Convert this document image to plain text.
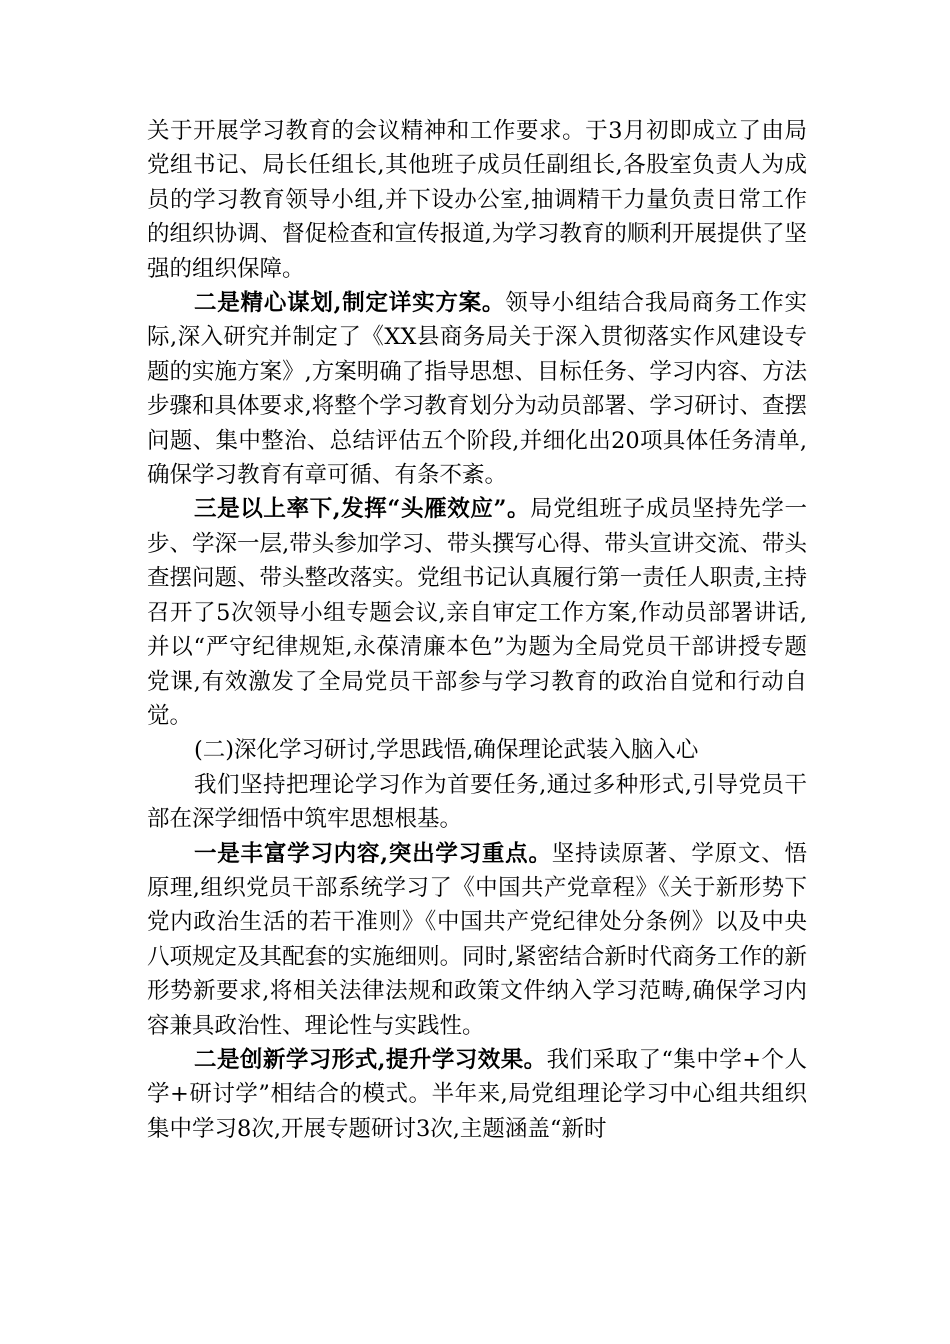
关于开展学习教育的会议精神和工作要求。于3月初即成立了由局党组书记、局长任组长,其他班子成员任副组长,各股室负责人为成员的学习教育领导小组,并下设办公室,抽调精干力量负责日常工作的组织协调、督促检查和宣传报道,为学习教育的顺利开展提供了坚强的组织保障。

二是精心谋划,制定详实方案。领导小组结合我局商务工作实际,深入研究并制定了《XX县商务局关于深入贯彻落实作风建设专题的实施方案》,方案明确了指导思想、目标任务、学习内容、方法步骤和具体要求,将整个学习教育划分为动员部署、学习研讨、查摆问题、集中整治、总结评估五个阶段,并细化出20项具体任务清单,确保学习教育有章可循、有条不紊。

三是以上率下,发挥“头雁效应”。局党组班子成员坚持先学一步、学深一层,带头参加学习、带头撰写心得、带头宣讲交流、带头查摆问题、带头整改落实。党组书记认真履行第一责任人职责,主持召开了5次领导小组专题会议,亲自审定工作方案,作动员部署讲话,并以“严守纪律规矩,永葆清廉本色”为题为全局党员干部讲授专题党课,有效激发了全局党员干部参与学习教育的政治自觉和行动自觉。

(二)深化学习研讨,学思践悟,确保理论武装入脑入心

我们坚持把理论学习作为首要任务,通过多种形式,引导党员干部在深学细悟中筑牢思想根基。

一是丰富学习内容,突出学习重点。坚持读原著、学原文、悟原理,组织党员干部系统学习了《中国共产党章程》《关于新形势下党内政治生活的若干准则》《中国共产党纪律处分条例》以及中央八项规定及其配套的实施细则。同时,紧密结合新时代商务工作的新形势新要求,将相关法律法规和政策文件纳入学习范畴,确保学习内容兼具政治性、理论性与实践性。

二是创新学习形式,提升学习效果。我们采取了“集中学+个人学+研讨学”相结合的模式。半年来,局党组理论学习中心组共组织集中学习8次,开展专题研讨3次,主题涵盖“新时
